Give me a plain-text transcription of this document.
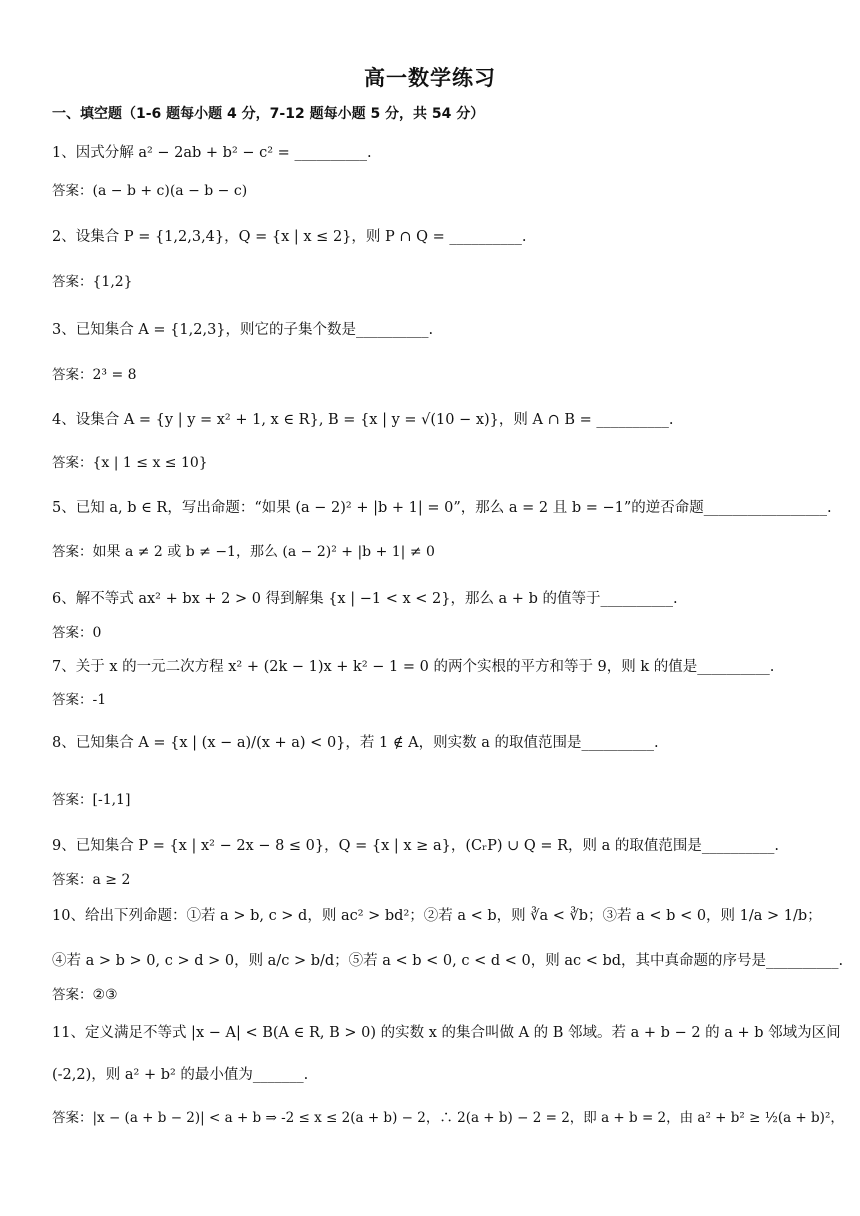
高一数学练习
一、填空题（1-6 题每小题 4 分，7-12 题每小题 5 分，共 54 分）
1、因式分解 a² − 2ab + b² − c² = __________.
答案：(a − b + c)(a − b − c)
2、设集合 P = {1,2,3,4}，Q = {x | x ≤ 2}，则 P ∩ Q = __________.
答案：{1,2}
3、已知集合 A = {1,2,3}，则它的子集个数是__________.
答案：2³ = 8
4、设集合 A = {y | y = x² + 1, x ∈ R}, B = {x | y = √(10 − x)}，则 A ∩ B = __________.
答案：{x | 1 ≤ x ≤ 10}
5、已知 a, b ∈ R，写出命题：“如果 (a − 2)² + |b + 1| = 0”，那么 a = 2 且 b = −1”的逆否命题_________________.
答案：如果 a ≠ 2 或 b ≠ −1，那么 (a − 2)² + |b + 1| ≠ 0
6、解不等式 ax² + bx + 2 > 0 得到解集 {x | −1 < x < 2}，那么 a + b 的值等于__________.
答案：0
7、关于 x 的一元二次方程 x² + (2k − 1)x + k² − 1 = 0 的两个实根的平方和等于 9，则 k 的值是__________.
答案：-1
8、已知集合 A = {x | (x − a)/(x + a) < 0}，若 1 ∉ A，则实数 a 的取值范围是__________.
答案：[-1,1]
9、已知集合 P = {x | x² − 2x − 8 ≤ 0}，Q = {x | x ≥ a}，(CᵣP) ∪ Q = R，则 a 的取值范围是__________.
答案：a ≥ 2
10、给出下列命题：①若 a > b, c > d，则 ac² > bd²；②若 a < b，则 ∛a < ∛b；③若 a < b < 0，则 1/a > 1/b；
④若 a > b > 0, c > d > 0，则 a/c > b/d；⑤若 a < b < 0, c < d < 0，则 ac < bd，其中真命题的序号是__________.
答案：②③
11、定义满足不等式 |x − A| < B(A ∈ R, B > 0) 的实数 x 的集合叫做 A 的 B 邻域。若 a + b − 2 的 a + b 邻域为区间
(-2,2)，则 a² + b² 的最小值为_______.
答案：|x − (a + b − 2)| < a + b ⇒ -2 ≤ x ≤ 2(a + b) − 2，∴ 2(a + b) − 2 = 2，即 a + b = 2，由 a² + b² ≥ ½(a + b)²，
